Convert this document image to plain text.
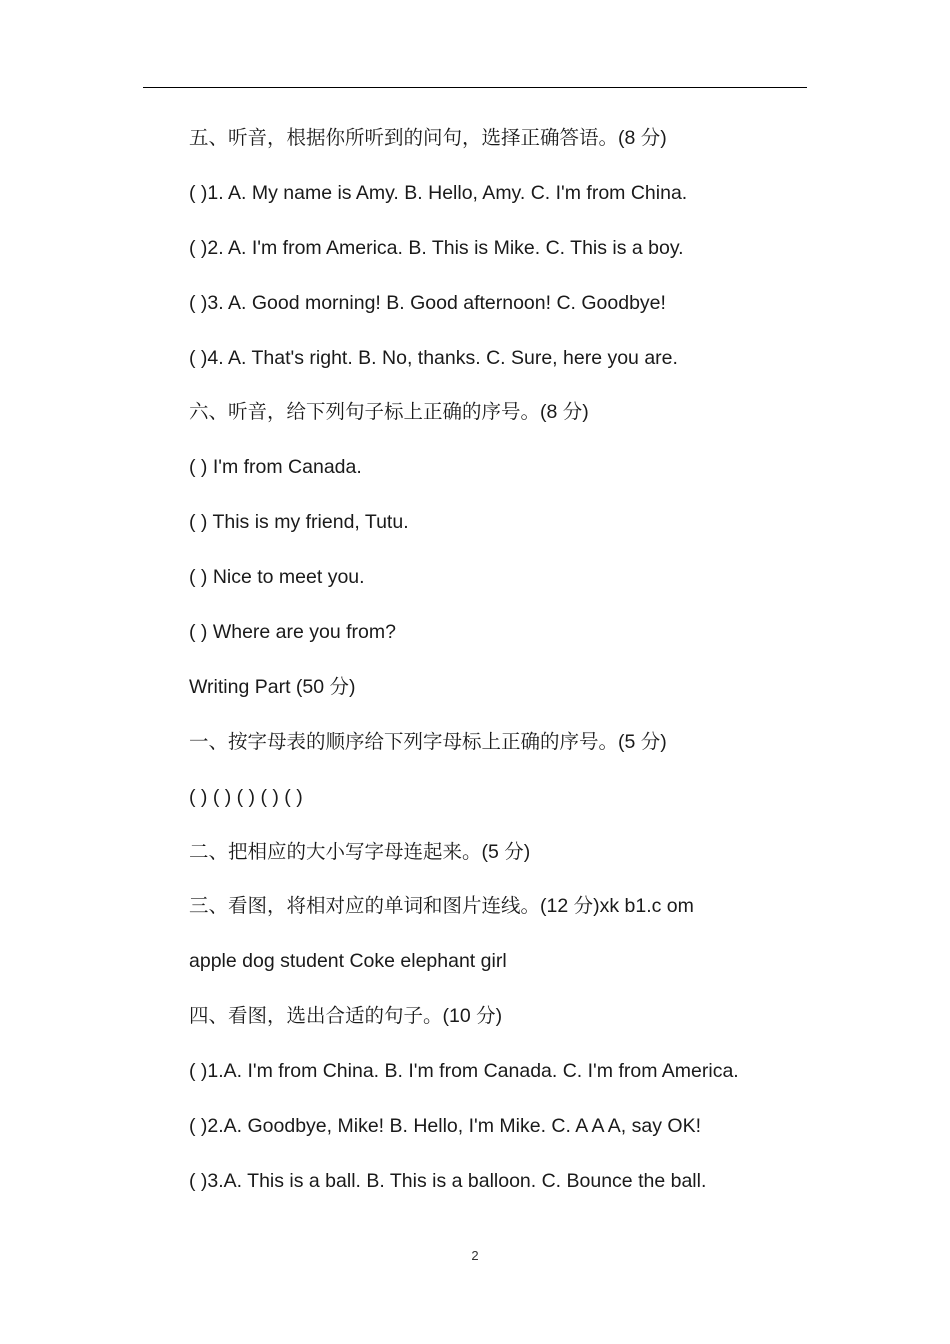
五、听音，根据你所听到的问句，选择正确答语。(8 分)
( )1. A. My name is Amy. B. Hello, Amy. C. I'm from China.
( )2. A. I'm from America. B. This is Mike. C. This is a boy.
( )3. A. Good morning! B. Good afternoon! C. Goodbye!
( )4. A. That's right. B. No, thanks. C. Sure, here you are.
六、听音，给下列句子标上正确的序号。(8 分)
( ) I'm from Canada.
( ) This is my friend, Tutu.
( ) Nice to meet you.
( ) Where are you from?
Writing Part (50 分)
一、按字母表的顺序给下列字母标上正确的序号。(5 分)
( ) ( ) ( ) ( ) ( )
二、把相应的大小写字母连起来。(5 分)
三、看图，将相对应的单词和图片连线。(12 分)xk b1.c om
apple dog student Coke elephant girl
四、看图，选出合适的句子。(10 分)
( )1.A. I'm from China. B. I'm from Canada. C. I'm from America.
( )2.A. Goodbye, Mike! B. Hello, I'm Mike. C. A A A, say OK!
( )3.A. This is a ball. B. This is a balloon. C. Bounce the ball.
2
